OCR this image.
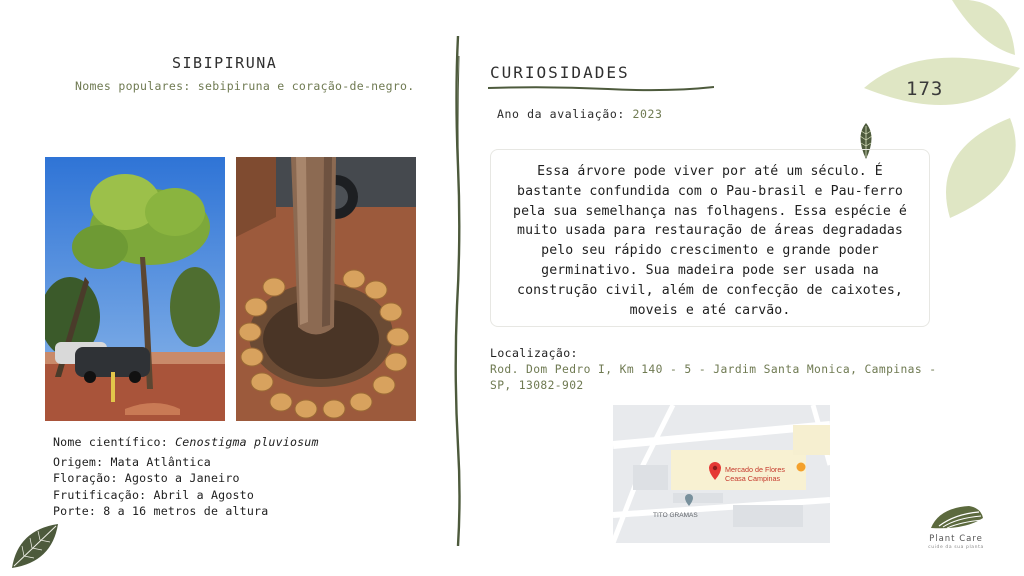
SIBIPIRUNA
Nomes populares: sebipiruna e coração-de-negro.
Nome científico: Cenostigma pluviosum
Origem: Mata Atlântica
Floração: Agosto a Janeiro
Frutificação: Abril a Agosto
Porte: 8 a 16 metros de altura
CURIOSIDADES
Ano da avaliação: 2023
Essa árvore pode viver por até um século. É bastante confundida com o Pau-brasil e Pau-ferro pela sua semelhança nas folhagens. Essa espécie é muito usada para restauração de áreas degradadas pelo seu rápido crescimento e grande poder germinativo. Sua madeira pode ser usada na construção civil, além de confecção de caixotes, moveis e até carvão.
Localização:
Rod. Dom Pedro I, Km 140 - 5 - Jardim Santa Monica, Campinas - SP, 13082-902
Mercado de Flores
Ceasa Campinas
TITO GRAMAS
173
Plant Care
cuide da sua planta
